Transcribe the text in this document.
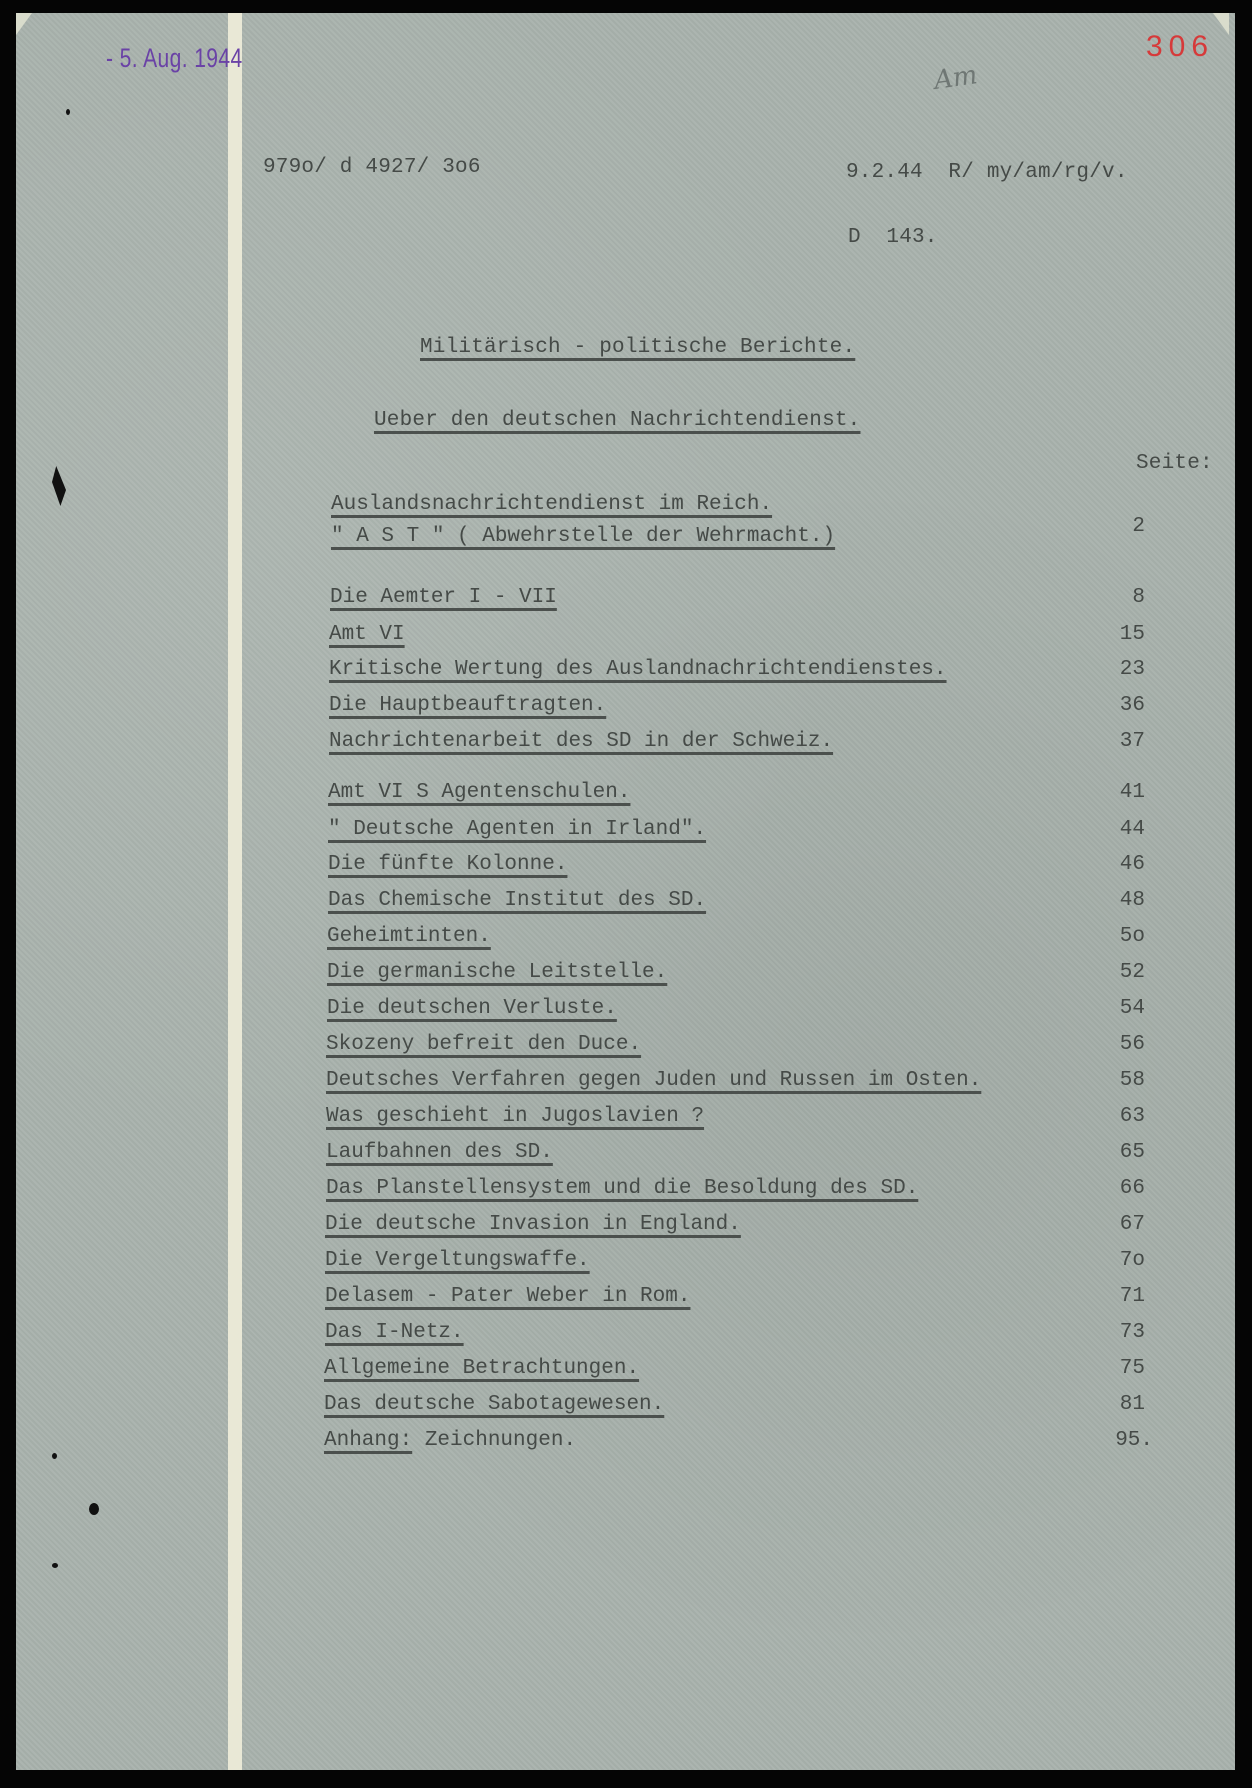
- 5. Aug. 1944	306
Am
979o/ d 4927/ 3o6	9.2.44  R/ my/am/rg/v.
D  143.
Militärisch - politische Berichte.
Ueber den deutschen Nachrichtendienst.
Seite:
Auslandsnachrichtendienst im Reich.
" A S T " ( Abwehrstelle der Wehrmacht.)	2
Die Aemter I - VII	8
Amt VI	15
Kritische Wertung des Auslandnachrichtendienstes.	23
Die Hauptbeauftragten.	36
Nachrichtenarbeit des SD in der Schweiz.	37
Amt VI S Agentenschulen.	41
" Deutsche Agenten in Irland".	44
Die fünfte Kolonne.	46
Das Chemische Institut des SD.	48
Geheimtinten.	5o
Die germanische Leitstelle.	52
Die deutschen Verluste.	54
Skozeny befreit den Duce.	56
Deutsches Verfahren gegen Juden und Russen im Osten.	58
Was geschieht in Jugoslavien ?	63
Laufbahnen des SD.	65
Das Planstellensystem und die Besoldung des SD.	66
Die deutsche Invasion in England.	67
Die Vergeltungswaffe.	7o
Delasem - Pater Weber in Rom.	71
Das I-Netz.	73
Allgemeine Betrachtungen.	75
Das deutsche Sabotagewesen.	81
Anhang: Zeichnungen.	95.
